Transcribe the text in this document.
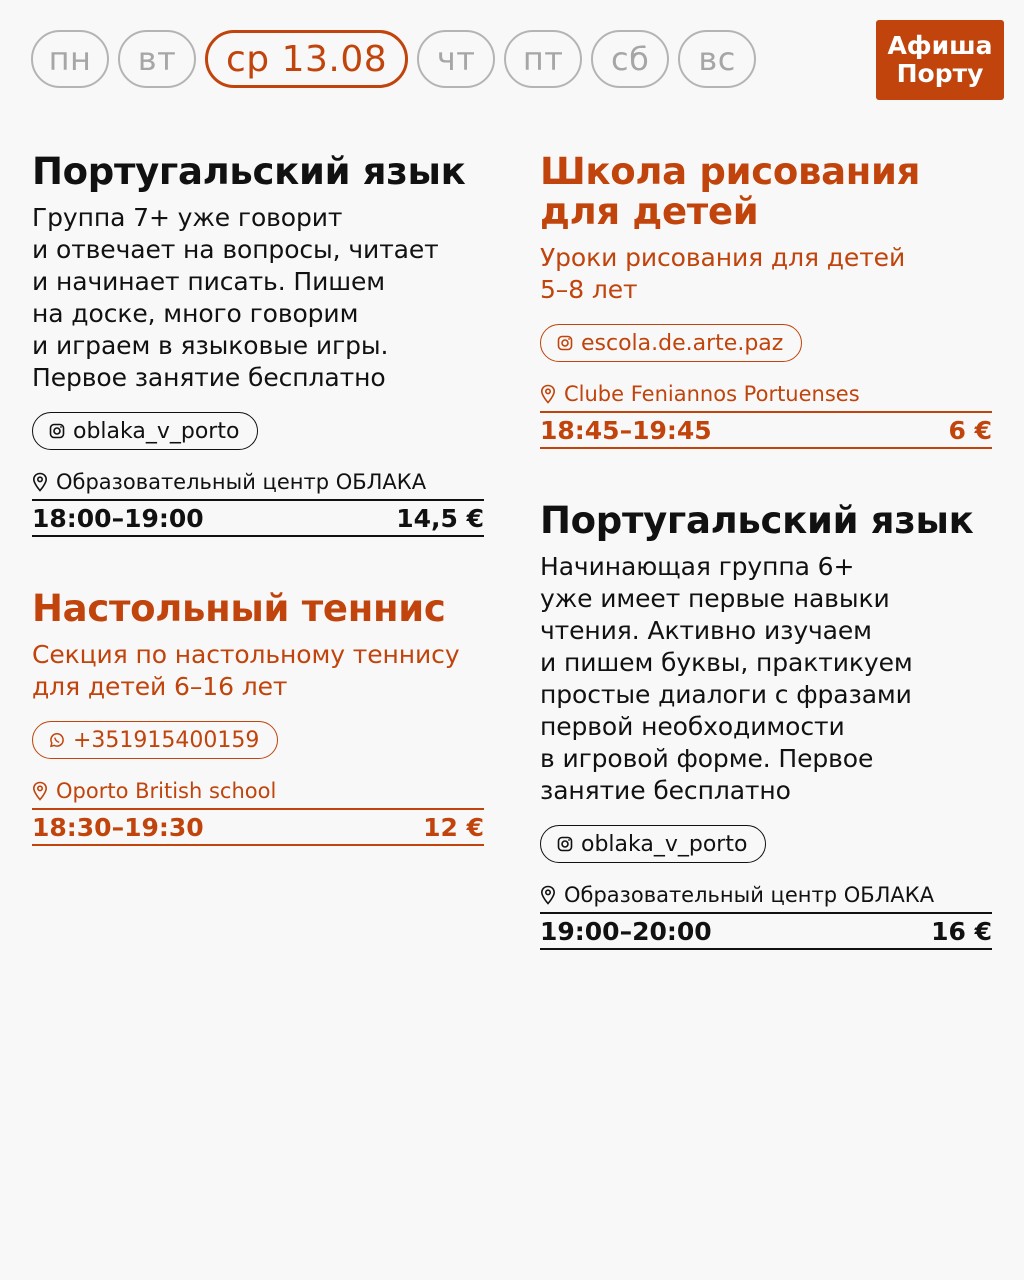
пн	вт	ср 13.08	чт	пт	сб	вс	Афиша
Порту
Португальский язык
Группа 7+ уже говорит
и отвечает на вопросы, читает
и начинает писать. Пишем
на доске, много говорим
и играем в языковые игры.
Первое занятие бесплатно
oblaka_v_porto
Образовательный центр ОБЛАКА
18:00–19:00	14,5 €
Настольный теннис
Секция по настольному теннису
для детей 6–16 лет
+351915400159
Oporto British school
18:30–19:30	12 €
Школа рисования
для детей
Уроки рисования для детей
5–8 лет
escola.de.arte.paz
Clube Feniannos Portuenses
18:45–19:45	6 €
Португальский язык
Начинающая группа 6+
уже имеет первые навыки
чтения. Активно изучаем
и пишем буквы, практикуем
простые диалоги с фразами
первой необходимости
в игровой форме. Первое
занятие бесплатно
oblaka_v_porto
Образовательный центр ОБЛАКА
19:00–20:00	16 €
